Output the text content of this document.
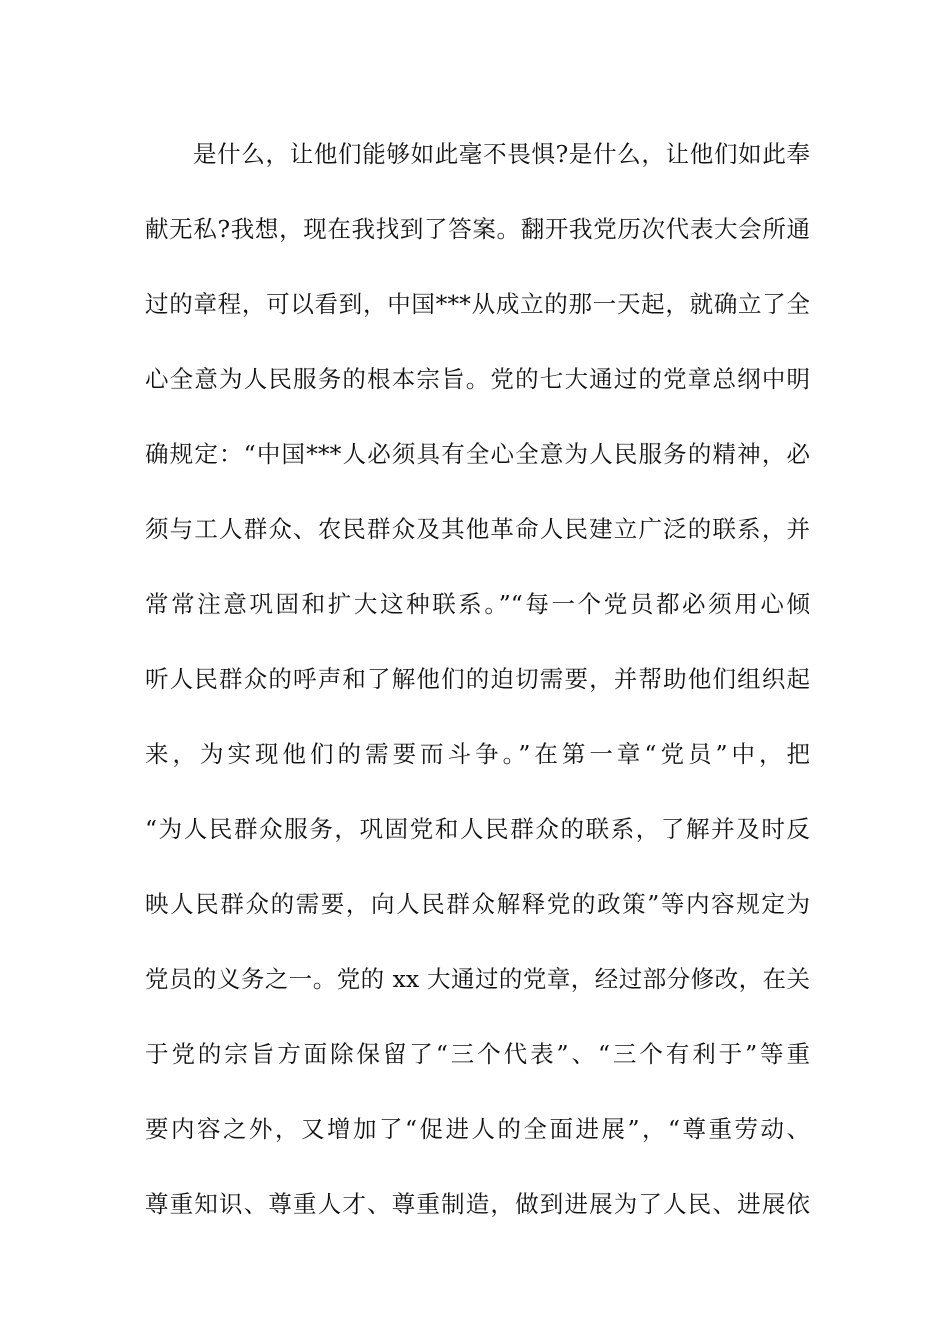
是什么，让他们能够如此毫不畏惧?是什么，让他们如此奉
献无私?我想，现在我找到了答案。翻开我党历次代表大会所通
过的章程，可以看到，中国***从成立的那一天起，就确立了全
心全意为人民服务的根本宗旨。党的七大通过的党章总纲中明
确规定：“中国***人必须具有全心全意为人民服务的精神，必
须与工人群众、农民群众及其他革命人民建立广泛的联系，并
常常注意巩固和扩大这种联系。”“每一个党员都必须用心倾
听人民群众的呼声和了解他们的迫切需要，并帮助他们组织起
来，为实现他们的需要而斗争。”在第一章“党员”中，把
“为人民群众服务，巩固党和人民群众的联系，了解并及时反
映人民群众的需要，向人民群众解释党的政策”等内容规定为
党员的义务之一。党的 xx 大通过的党章，经过部分修改，在关
于党的宗旨方面除保留了“三个代表”、“三个有利于”等重
要内容之外，又增加了“促进人的全面进展”，“尊重劳动、
尊重知识、尊重人才、尊重制造，做到进展为了人民、进展依
